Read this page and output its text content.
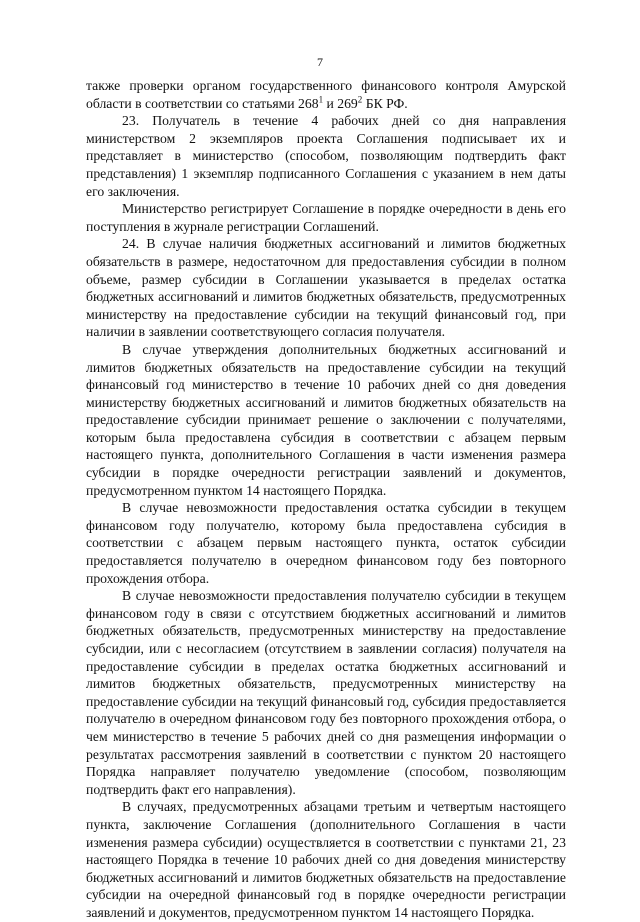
7

также проверки органом государственного финансового контроля Амурской области в соответствии со статьями $268^1$ и $269^2$ БК РФ.

23. Получатель в течение 4 рабочих дней со дня направления министерством 2 экземпляров проекта Соглашения подписывает их и представляет в министерство (способом, позволяющим подтвердить факт представления) 1 экземпляр подписанного Соглашения с указанием в нем даты его заключения.

Министерство регистрирует Соглашение в порядке очередности в день его поступления в журнале регистрации Соглашений.

24. В случае наличия бюджетных ассигнований и лимитов бюджетных обязательств в размере, недостаточном для предоставления субсидии в полном объеме, размер субсидии в Соглашении указывается в пределах остатка бюджетных ассигнований и лимитов бюджетных обязательств, предусмотренных министерству на предоставление субсидии на текущий финансовый год, при наличии в заявлении соответствующего согласия получателя.

В случае утверждения дополнительных бюджетных ассигнований и лимитов бюджетных обязательств на предоставление субсидии на текущий финансовый год министерство в течение 10 рабочих дней со дня доведения министерству бюджетных ассигнований и лимитов бюджетных обязательств на предоставление субсидии принимает решение о заключении с получателями, которым была предоставлена субсидия в соответствии с абзацем первым настоящего пункта, дополнительного Соглашения в части изменения размера субсидии в порядке очередности регистрации заявлений и документов, предусмотренном пунктом 14 настоящего Порядка.

В случае невозможности предоставления остатка субсидии в текущем финансовом году получателю, которому была предоставлена субсидия в соответствии с абзацем первым настоящего пункта, остаток субсидии предоставляется получателю в очередном финансовом году без повторного прохождения отбора.

В случае невозможности предоставления получателю субсидии в текущем финансовом году в связи с отсутствием бюджетных ассигнований и лимитов бюджетных обязательств, предусмотренных министерству на предоставление субсидии, или с несогласием (отсутствием в заявлении согласия) получателя на предоставление субсидии в пределах остатка бюджетных ассигнований и лимитов бюджетных обязательств, предусмотренных министерству на предоставление субсидии на текущий финансовый год, субсидия предоставляется получателю в очередном финансовом году без повторного прохождения отбора, о чем министерство в течение 5 рабочих дней со дня размещения информации о результатах рассмотрения заявлений в соответствии с пунктом 20 настоящего Порядка направляет получателю уведомление (способом, позволяющим подтвердить факт его направления).

В случаях, предусмотренных абзацами третьим и четвертым настоящего пункта, заключение Соглашения (дополнительного Соглашения в части изменения размера субсидии) осуществляется в соответствии с пунктами 21, 23 настоящего Порядка в течение 10 рабочих дней со дня доведения министерству бюджетных ассигнований и лимитов бюджетных обязательств на предоставление субсидии на очередной финансовый год в порядке очередности регистрации заявлений и документов, предусмотренном пунктом 14 настоящего Порядка.
